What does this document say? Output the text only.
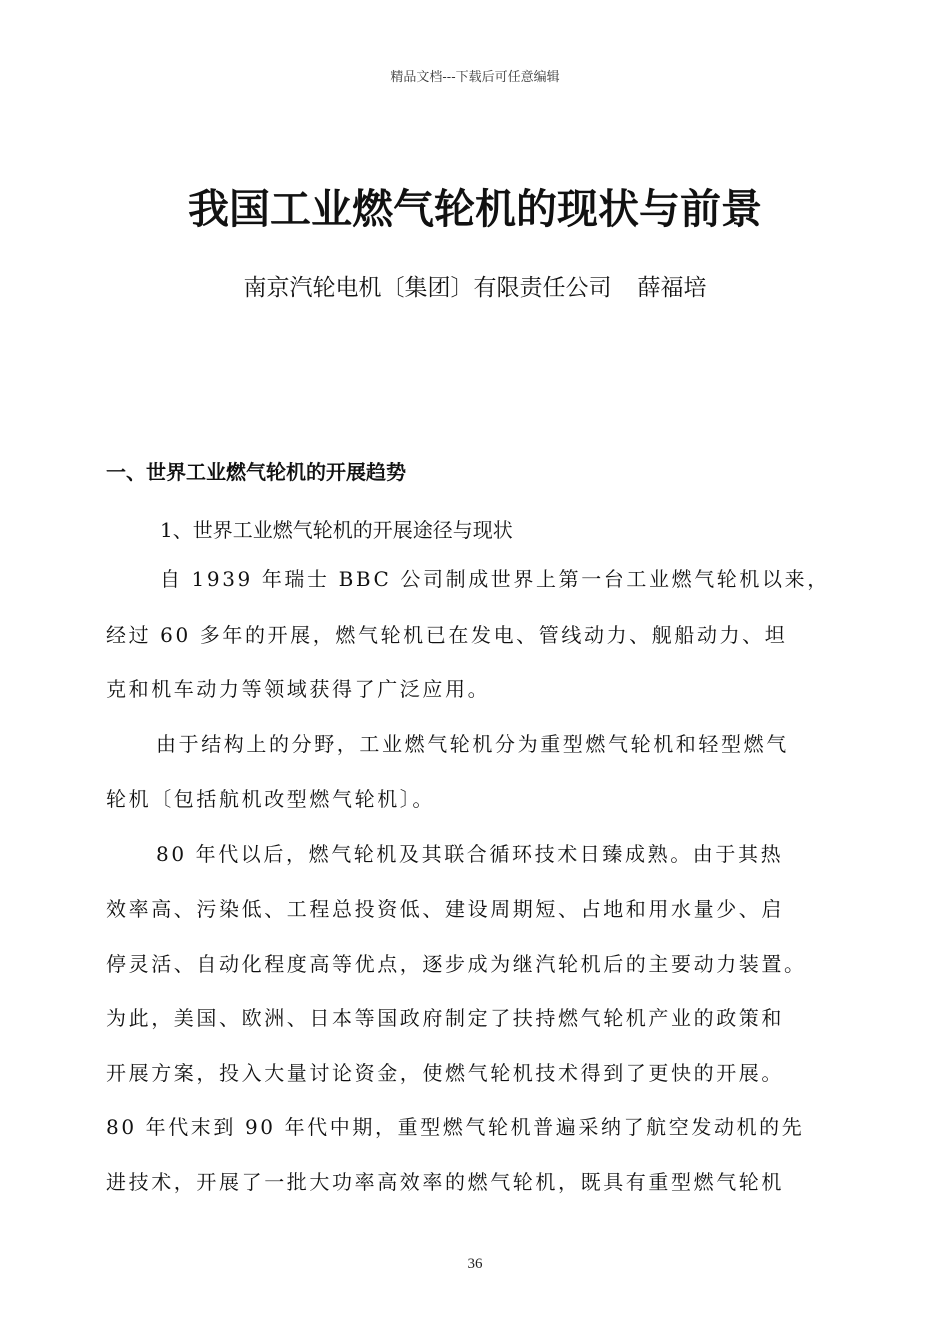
精品文档---下载后可任意编辑
我国工业燃气轮机的现状与前景
南京汽轮电机〔集团〕有限责任公司 薛福培
一、世界工业燃气轮机的开展趋势
1、世界工业燃气轮机的开展途径与现状
自 1939 年瑞士 BBC 公司制成世界上第一台工业燃气轮机以来，
经过 60 多年的开展，燃气轮机已在发电、管线动力、舰船动力、坦
克和机车动力等领域获得了广泛应用。
由于结构上的分野，工业燃气轮机分为重型燃气轮机和轻型燃气
轮机〔包括航机改型燃气轮机〕。
80 年代以后，燃气轮机及其联合循环技术日臻成熟。由于其热
效率高、污染低、工程总投资低、建设周期短、占地和用水量少、启
停灵活、自动化程度高等优点，逐步成为继汽轮机后的主要动力装置。
为此，美国、欧洲、日本等国政府制定了扶持燃气轮机产业的政策和
开展方案，投入大量讨论资金，使燃气轮机技术得到了更快的开展。
80 年代末到 90 年代中期，重型燃气轮机普遍采纳了航空发动机的先
进技术，开展了一批大功率高效率的燃气轮机，既具有重型燃气轮机
36
